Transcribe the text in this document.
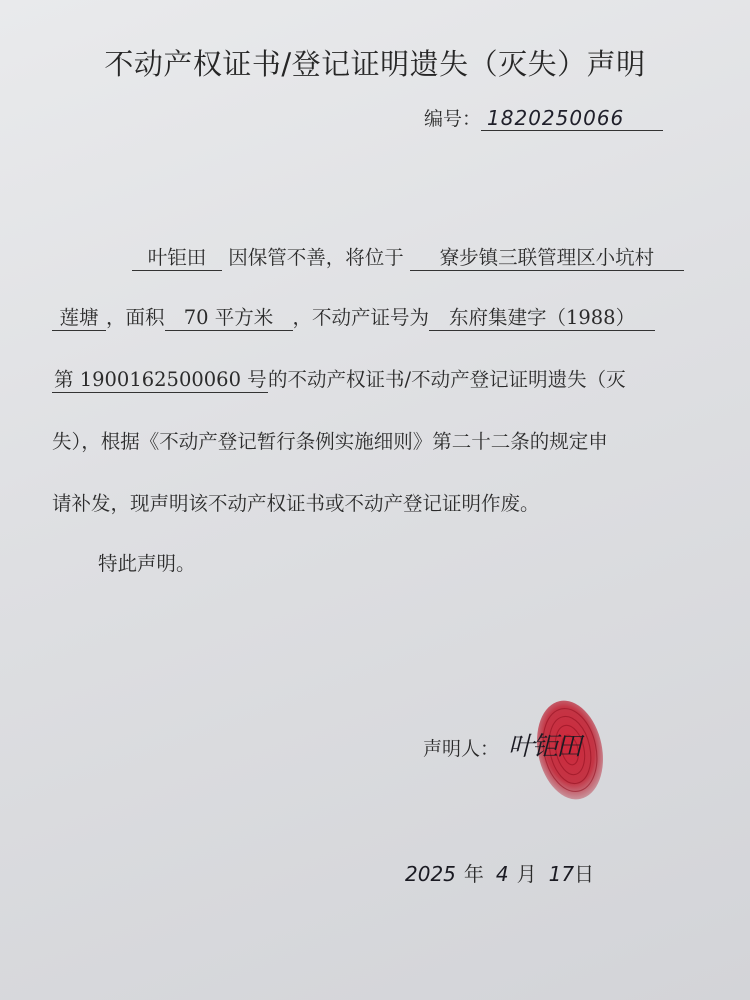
不动产权证书/登记证明遗失（灭失）声明
编号： 1820250066
叶钜田 因保管不善，将位于 寮步镇三联管理区小坑村
莲塘 ，面积 70 平方米 ，不动产证号为 东府集建字（1988）
第 1900162500060 号的不动产权证书/不动产登记证明遗失（灭
失），根据《不动产登记暂行条例实施细则》第二十二条的规定申
请补发，现声明该不动产权证书或不动产登记证明作废。
特此声明。
声明人： 叶钜田
2025 年 4 月 17日
